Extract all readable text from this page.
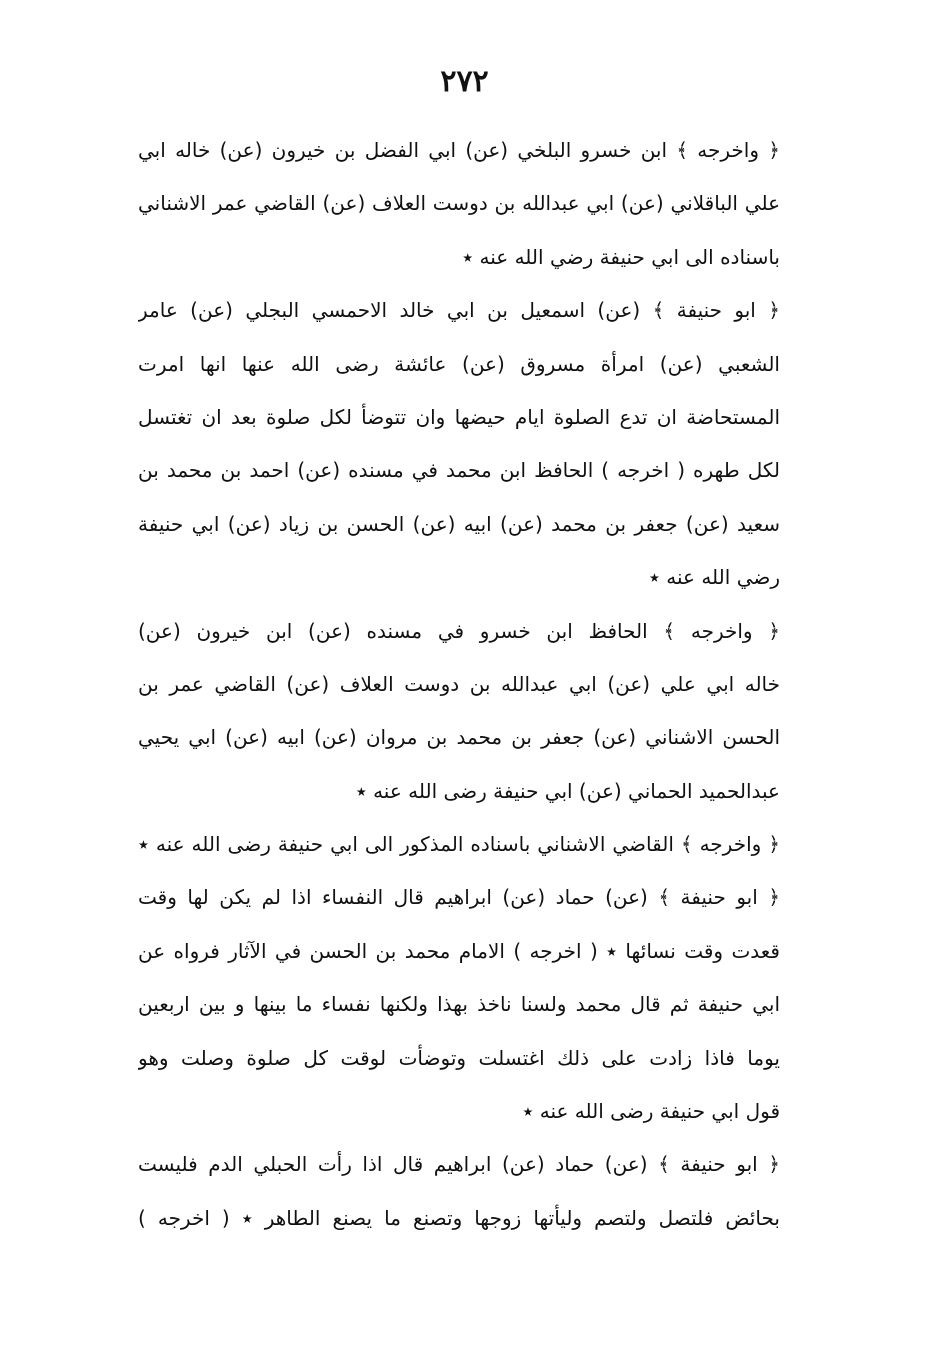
٢٧٢
﴿ واخرجه ﴾ ابن خسرو البلخي (عن) ابي الفضل بن خيرون (عن) خاله ابي
علي الباقلاني (عن) ابي عبدالله بن دوست العلاف (عن) القاضي عمر الاشناني
باسناده الى ابي حنيفة رضي الله عنه ٭
﴿ ابو حنيفة ﴾ (عن) اسمعيل بن ابي خالد الاحمسي البجلي (عن) عامر
الشعبي (عن) امرأة مسروق (عن) عائشة رضى الله عنها انها امرت
المستحاضة ان تدع الصلوة ايام حيضها وان تتوضأ لكل صلوة بعد ان تغتسل
لكل طهره ( اخرجه ) الحافظ ابن محمد في مسنده (عن) احمد بن محمد بن
سعيد (عن) جعفر بن محمد (عن) ابيه (عن) الحسن بن زياد (عن) ابي حنيفة
رضي الله عنه ٭
﴿ واخرجه ﴾ الحافظ ابن خسرو في مسنده (عن) ابن خيرون (عن)
خاله ابي علي (عن) ابي عبدالله بن دوست العلاف (عن) القاضي عمر بن
الحسن الاشناني (عن) جعفر بن محمد بن مروان (عن) ابيه (عن) ابي يحيي
عبدالحميد الحماني (عن) ابي حنيفة رضى الله عنه ٭
﴿ واخرجه ﴾ القاضي الاشناني باسناده المذكور الى ابي حنيفة رضى الله عنه ٭
﴿ ابو حنيفة ﴾ (عن) حماد (عن) ابراهيم قال النفساء اذا لم يكن لها وقت
قعدت وقت نسائها ٭ ( اخرجه ) الامام محمد بن الحسن في الآثار فرواه عن
ابي حنيفة ثم قال محمد ولسنا ناخذ بهذا ولكنها نفساء ما بينها و بين اربعين
يوما فاذا زادت على ذلك اغتسلت وتوضأت لوقت كل صلوة وصلت وهو
قول ابي حنيفة رضى الله عنه ٭
﴿ ابو حنيفة ﴾ (عن) حماد (عن) ابراهيم قال اذا رأت الحبلي الدم فليست
بحائض فلتصل ولتصم وليأتها زوجها وتصنع ما يصنع الطاهر ٭ ( اخرجه )
